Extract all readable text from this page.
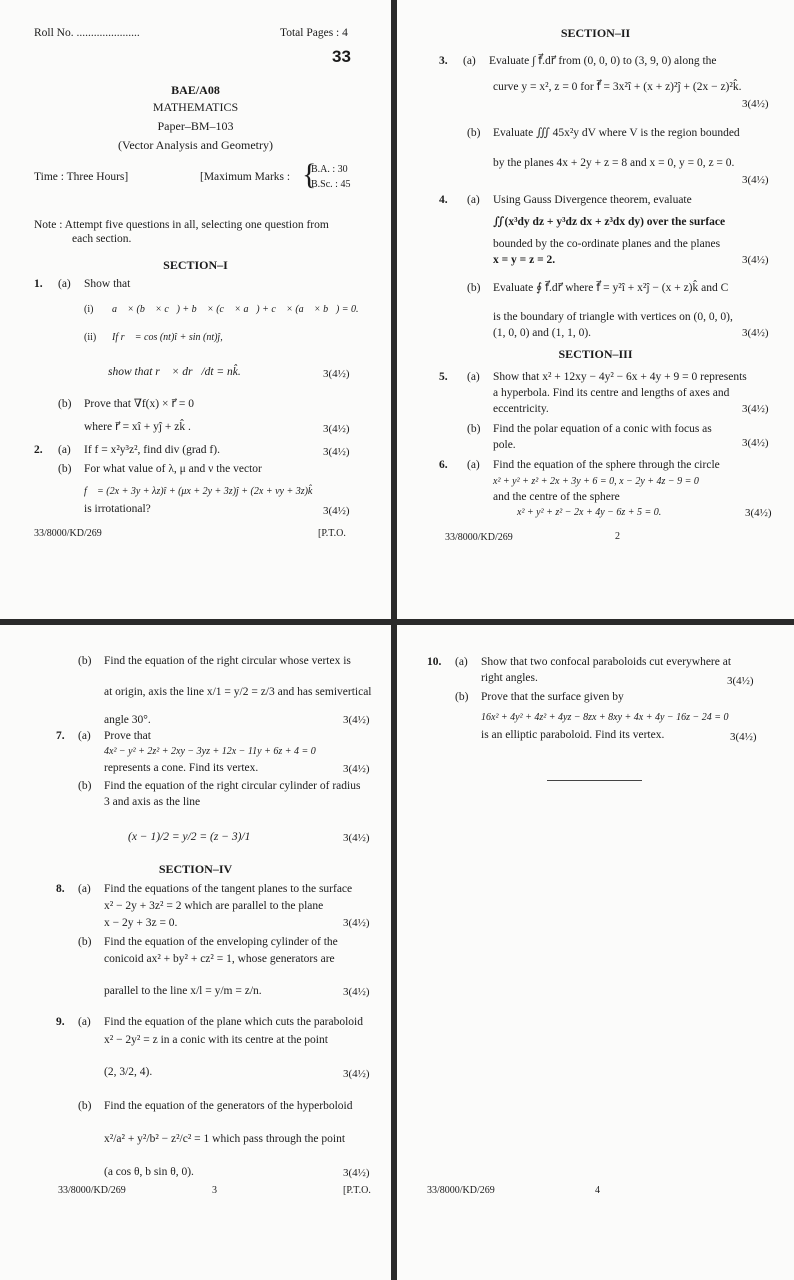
Roll No. ......................	Total Pages : 4
33
BAE/A08
MATHEMATICS
Paper–BM–103
(Vector Analysis and Geometry)
Time : Three Hours]	[Maximum Marks : {
B.A. : 30
B.Sc. : 45
Note : Attempt five questions in all, selecting one question from
each section.
SECTION–I
1. (a) Show that
(i) a⃗ × (b⃗ × c⃗) + b⃗ × (c⃗ × a⃗) + c⃗ × (a⃗ × b⃗) = 0.
(ii) If r⃗ = cos (nt)î + sin (nt)ĵ,
show that r⃗ × dr⃗/dt = nk̂.	3(4½)
(b) Prove that ∇f(x) × r⃗ = 0
where r⃗ = xî + yĵ + zk̂ .	3(4½)
2. (a) If f = x²y³z², find div (grad f).	3(4½)
(b) For what value of λ, μ and ν the vector
f⃗ = (2x + 3y + λz)î + (μx + 2y + 3z)ĵ + (2x + νy + 3z)k̂
is irrotational?	3(4½)
33/8000/KD/269	[P.T.O.
SECTION–II
3. (a) Evaluate ∫ f⃗.dr⃗ from (0, 0, 0) to (3, 9, 0) along the
curve y = x², z = 0 for f⃗ = 3x²î + (x + z)²ĵ + (2x − z)²k̂.
3(4½)
(b) Evaluate ∭ 45x²y dV where V is the region bounded
by the planes 4x + 2y + z = 8 and x = 0, y = 0, z = 0.
3(4½)
4. (a) Using Gauss Divergence theorem, evaluate
∬(x³dy dz + y³dz dx + z³dx dy) over the surface
bounded by the co-ordinate planes and the planes
x = y = z = 2.	3(4½)
(b) Evaluate ∮ f⃗.dr⃗ where f⃗ = y²î + x²ĵ − (x + z)k̂ and C
is the boundary of triangle with vertices on (0, 0, 0),
(1, 0, 0) and (1, 1, 0).	3(4½)
SECTION–III
5. (a) Show that x² + 12xy − 4y² − 6x + 4y + 9 = 0 represents
a hyperbola. Find its centre and lengths of axes and
eccentricity.	3(4½)
(b) Find the polar equation of a conic with focus as
pole.	3(4½)
6. (a) Find the equation of the sphere through the circle
x² + y² + z² + 2x + 3y + 6 = 0, x − 2y + 4z − 9 = 0
and the centre of the sphere
x² + y² + z² − 2x + 4y − 6z + 5 = 0.	3(4½)
33/8000/KD/269	2
(b) Find the equation of the right circular whose vertex is
at origin, axis the line x/1 = y/2 = z/3 and has semivertical
angle 30°.	3(4½)
7. (a) Prove that
4x² − y² + 2z² + 2xy − 3yz + 12x − 11y + 6z + 4 = 0
represents a cone. Find its vertex.	3(4½)
(b) Find the equation of the right circular cylinder of radius
3 and axis as the line
(x − 1)/2 = y/2 = (z − 3)/1	3(4½)
SECTION–IV
8. (a) Find the equations of the tangent planes to the surface
x² − 2y + 3z² = 2 which are parallel to the plane
x − 2y + 3z = 0.	3(4½)
(b) Find the equation of the enveloping cylinder of the
conicoid ax² + by² + cz² = 1, whose generators are
parallel to the line x/l = y/m = z/n.	3(4½)
9. (a) Find the equation of the plane which cuts the paraboloid
x² − 2y² = z in a conic with its centre at the point
(2, 3/2, 4).	3(4½)
(b) Find the equation of the generators of the hyperboloid
x²/a² + y²/b² − z²/c² = 1 which pass through the point
(a cos θ, b sin θ, 0).	3(4½)
33/8000/KD/269	3	[P.T.O.
10. (a) Show that two confocal paraboloids cut everywhere at
right angles.	3(4½)
(b) Prove that the surface given by
16x² + 4y² + 4z² + 4yz − 8zx + 8xy + 4x + 4y − 16z − 24 = 0
is an elliptic paraboloid. Find its vertex.	3(4½)
33/8000/KD/269	4
